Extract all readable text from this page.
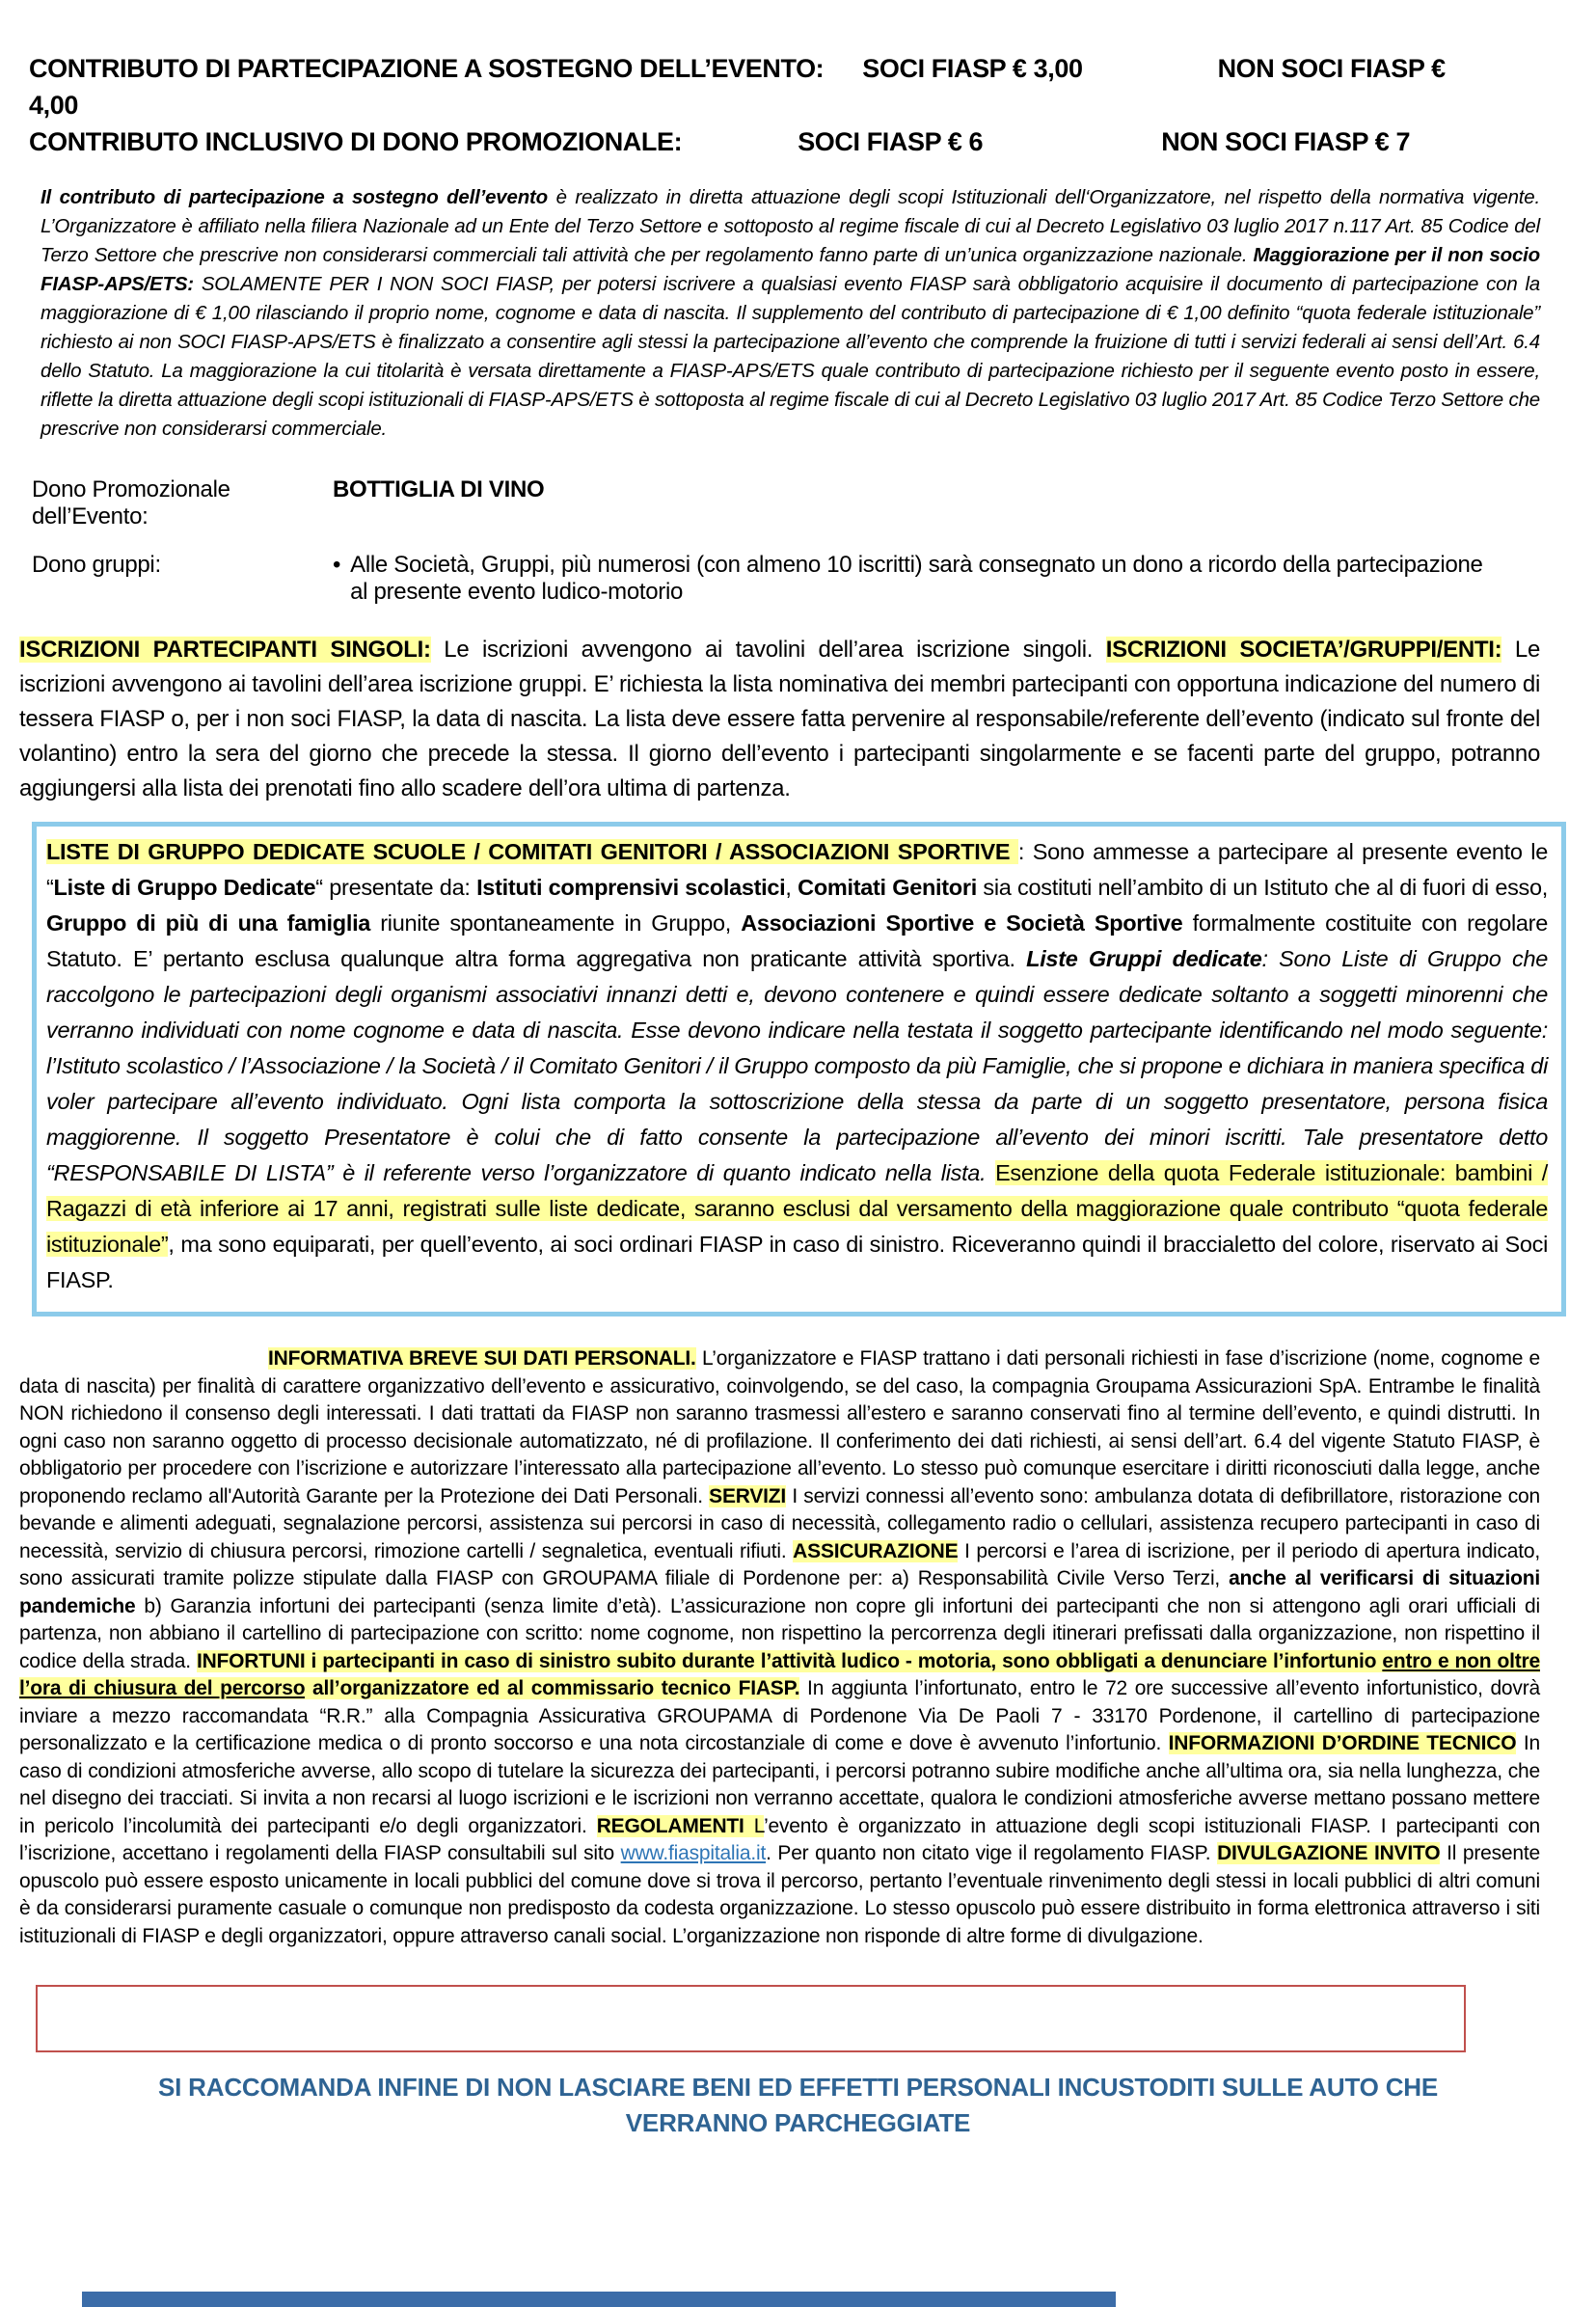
CONTRIBUTO DI PARTECIPAZIONE A SOSTEGNO DELL’EVENTO: SOCI FIASP € 3,00	NON SOCI FIASP €
4,00
CONTRIBUTO INCLUSIVO DI DONO PROMOZIONALE:	SOCI FIASP € 6	NON SOCI FIASP € 7
Il contributo di partecipazione a sostegno dell’evento è realizzato in diretta attuazione degli scopi Istituzionali dell‘Organizzatore, nel rispetto della normativa vigente. L’Organizzatore è affiliato nella filiera Nazionale ad un Ente del Terzo Settore e sottoposto al regime fiscale di cui al Decreto Legislativo 03 luglio 2017 n.117 Art. 85 Codice del Terzo Settore che prescrive non considerarsi commerciali tali attività che per regolamento fanno parte di un’unica organizzazione nazionale. Maggiorazione per il non socio FIASP-APS/ETS: SOLAMENTE PER I NON SOCI FIASP, per potersi iscrivere a qualsiasi evento FIASP sarà obbligatorio acquisire il documento di partecipazione con la maggiorazione di € 1,00 rilasciando il proprio nome, cognome e data di nascita. Il supplemento del contributo di partecipazione di € 1,00 definito “quota federale istituzionale” richiesto ai non SOCI FIASP-APS/ETS è finalizzato a consentire agli stessi la partecipazione all’evento che comprende la fruizione di tutti i servizi federali ai sensi dell’Art. 6.4 dello Statuto. La maggiorazione la cui titolarità è versata direttamente a FIASP-APS/ETS quale contributo di partecipazione richiesto per il seguente evento posto in essere, riflette la diretta attuazione degli scopi istituzionali di FIASP-APS/ETS è sottoposta al regime fiscale di cui al Decreto Legislativo 03 luglio 2017 Art. 85 Codice Terzo Settore che prescrive non considerarsi commerciale.
Dono Promozionale dell’Evento:
BOTTIGLIA DI VINO
Dono gruppi:	• Alle Società, Gruppi, più numerosi (con almeno 10 iscritti) sarà consegnato un dono a ricordo della partecipazione al presente evento ludico-motorio
ISCRIZIONI PARTECIPANTI SINGOLI: Le iscrizioni avvengono ai tavolini dell’area iscrizione singoli. ISCRIZIONI SOCIETA’/GRUPPI/ENTI: Le iscrizioni avvengono ai tavolini dell’area iscrizione gruppi. E’ richiesta la lista nominativa dei membri partecipanti con opportuna indicazione del numero di tessera FIASP o, per i non soci FIASP, la data di nascita. La lista deve essere fatta pervenire al responsabile/referente dell’evento (indicato sul fronte del volantino) entro la sera del giorno che precede la stessa. Il giorno dell’evento i partecipanti singolarmente e se facenti parte del gruppo, potranno aggiungersi alla lista dei prenotati fino allo scadere dell’ora ultima di partenza.
LISTE DI GRUPPO DEDICATE SCUOLE / COMITATI GENITORI / ASSOCIAZIONI SPORTIVE : Sono ammesse a partecipare al presente evento le “Liste di Gruppo Dedicate“ presentate da: Istituti comprensivi scolastici, Comitati Genitori sia costituti nell’ambito di un Istituto che al di fuori di esso, Gruppo di più di una famiglia riunite spontaneamente in Gruppo, Associazioni Sportive e Società Sportive formalmente costituite con regolare Statuto. E’ pertanto esclusa qualunque altra forma aggregativa non praticante attività sportiva. Liste Gruppi dedicate: Sono Liste di Gruppo che raccolgono le partecipazioni degli organismi associativi innanzi detti e, devono contenere e quindi essere dedicate soltanto a soggetti minorenni che verranno individuati con nome cognome e data di nascita. Esse devono indicare nella testata il soggetto partecipante identificando nel modo seguente: l’Istituto scolastico / l’Associazione / la Società / il Comitato Genitori / il Gruppo composto da più Famiglie, che si propone e dichiara in maniera specifica di voler partecipare all’evento individuato. Ogni lista comporta la sottoscrizione della stessa da parte di un soggetto presentatore, persona fisica maggiorenne. Il soggetto Presentatore è colui che di fatto consente la partecipazione all’evento dei minori iscritti. Tale presentatore detto “RESPONSABILE DI LISTA” è il referente verso l’organizzatore di quanto indicato nella lista. Esenzione della quota Federale istituzionale: bambini / Ragazzi di età inferiore ai 17 anni, registrati sulle liste dedicate, saranno esclusi dal versamento della maggiorazione quale contributo “quota federale istituzionale”, ma sono equiparati, per quell’evento, ai soci ordinari FIASP in caso di sinistro. Riceveranno quindi il braccialetto del colore, riservato ai Soci FIASP.
INFORMATIVA BREVE SUI DATI PERSONALI. L’organizzatore e FIASP trattano i dati personali richiesti in fase d’iscrizione (nome, cognome e data di nascita) per finalità di carattere organizzativo dell’evento e assicurativo, coinvolgendo, se del caso, la compagnia Groupama Assicurazioni SpA. Entrambe le finalità NON richiedono il consenso degli interessati. I dati trattati da FIASP non saranno trasmessi all’estero e saranno conservati fino al termine dell’evento, e quindi distrutti. In ogni caso non saranno oggetto di processo decisionale automatizzato, né di profilazione. Il conferimento dei dati richiesti, ai sensi dell’art. 6.4 del vigente Statuto FIASP, è obbligatorio per procedere con l’iscrizione e autorizzare l’interessato alla partecipazione all’evento. Lo stesso può comunque esercitare i diritti riconosciuti dalla legge, anche proponendo reclamo all'Autorità Garante per la Protezione dei Dati Personali. SERVIZI I servizi connessi all’evento sono: ambulanza dotata di defibrillatore, ristorazione con bevande e alimenti adeguati, segnalazione percorsi, assistenza sui percorsi in caso di necessità, collegamento radio o cellulari, assistenza recupero partecipanti in caso di necessità, servizio di chiusura percorsi, rimozione cartelli / segnaletica, eventuali rifiuti. ASSICURAZIONE I percorsi e l’area di iscrizione, per il periodo di apertura indicato, sono assicurati tramite polizze stipulate dalla FIASP con GROUPAMA filiale di Pordenone per: a) Responsabilità Civile Verso Terzi, anche al verificarsi di situazioni pandemiche b) Garanzia infortuni dei partecipanti (senza limite d’età). L’assicurazione non copre gli infortuni dei partecipanti che non si attengono agli orari ufficiali di partenza, non abbiano il cartellino di partecipazione con scritto: nome cognome, non rispettino la percorrenza degli itinerari prefissati dalla organizzazione, non rispettino il codice della strada. INFORTUNI i partecipanti in caso di sinistro subito durante l’attività ludico - motoria, sono obbligati a denunciare l’infortunio entro e non oltre l’ora di chiusura del percorso all’organizzatore ed al commissario tecnico FIASP. In aggiunta l’infortunato, entro le 72 ore successive all’evento infortunistico, dovrà inviare a mezzo raccomandata “R.R.” alla Compagnia Assicurativa GROUPAMA di Pordenone Via De Paoli 7 - 33170 Pordenone, il cartellino di partecipazione personalizzato e la certificazione medica o di pronto soccorso e una nota circostanziale di come e dove è avvenuto l’infortunio. INFORMAZIONI D’ORDINE TECNICO In caso di condizioni atmosferiche avverse, allo scopo di tutelare la sicurezza dei partecipanti, i percorsi potranno subire modifiche anche all’ultima ora, sia nella lunghezza, che nel disegno dei tracciati. Si invita a non recarsi al luogo iscrizioni e le iscrizioni non verranno accettate, qualora le condizioni atmosferiche avverse mettano possano mettere in pericolo l’incolumità dei partecipanti e/o degli organizzatori. REGOLAMENTI L’evento è organizzato in attuazione degli scopi istituzionali FIASP. I partecipanti con l’iscrizione, accettano i regolamenti della FIASP consultabili sul sito www.fiaspitalia.it. Per quanto non citato vige il regolamento FIASP. DIVULGAZIONE INVITO Il presente opuscolo può essere esposto unicamente in locali pubblici del comune dove si trova il percorso, pertanto l’eventuale rinvenimento degli stessi in locali pubblici di altri comuni è da considerarsi puramente casuale o comunque non predisposto da codesta organizzazione. Lo stesso opuscolo può essere distribuito in forma elettronica attraverso i siti istituzionali di FIASP e degli organizzatori, oppure attraverso canali social. L’organizzazione non risponde di altre forme di divulgazione.
SI RACCOMANDA INFINE DI NON LASCIARE BENI ED EFFETTI PERSONALI INCUSTODITI SULLE AUTO CHE
VERRANNO PARCHEGGIATE
